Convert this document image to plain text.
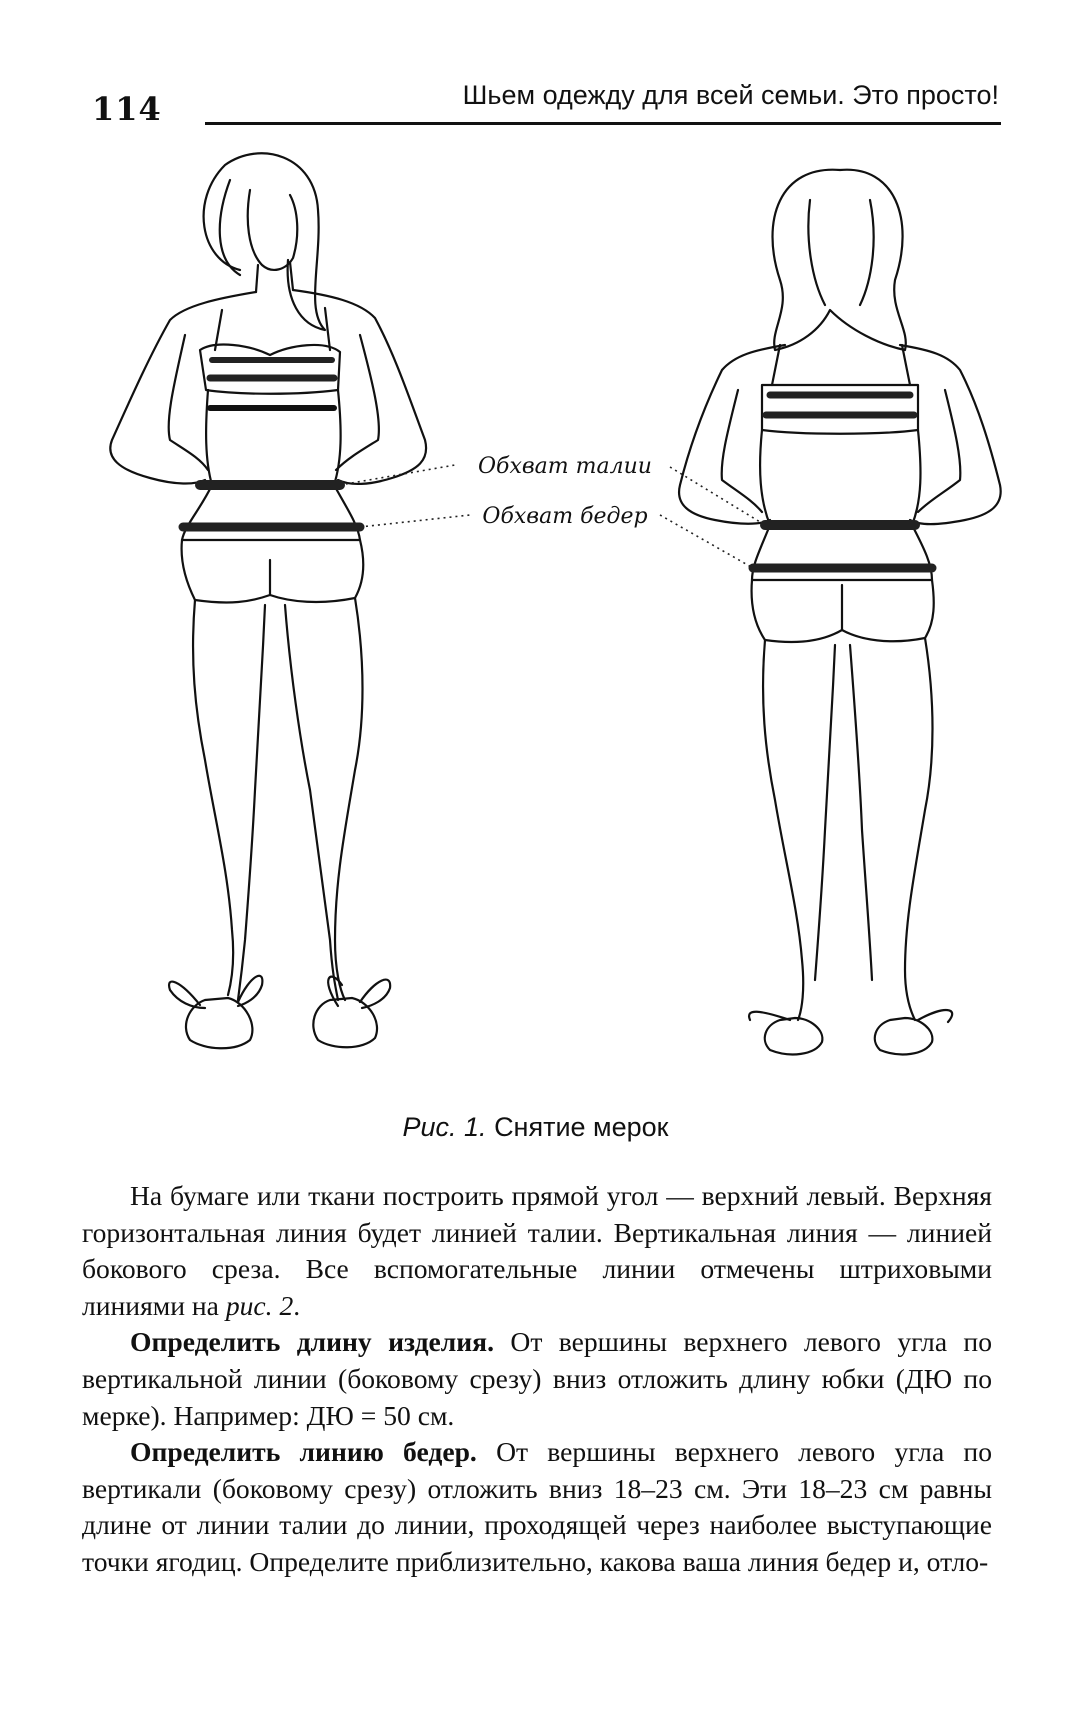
114	Шьем одежду для всей семьи. Это просто!
Обхват талии
Обхват бедер
Рис. 1. Снятие мерок

На бумаге или ткани построить прямой угол — верхний левый. Верхняя горизонтальная линия будет линией талии. Вертикальная линия — линией бокового среза. Все вспомогательные линии отмечены штриховыми линиями на рис. 2.

Определить длину изделия. От вершины верхнего левого угла по вертикальной линии (боковому срезу) вниз отложить длину юбки (ДЮ по мерке). Например: ДЮ = 50 см.

Определить линию бедер. От вершины верхнего левого угла по вертикали (боковому срезу) отложить вниз 18–23 см. Эти 18–23 см равны длине от линии талии до линии, проходящей через наиболее выступающие точки ягодиц. Определите приблизительно, какова ваша линия бедер и, отло-
